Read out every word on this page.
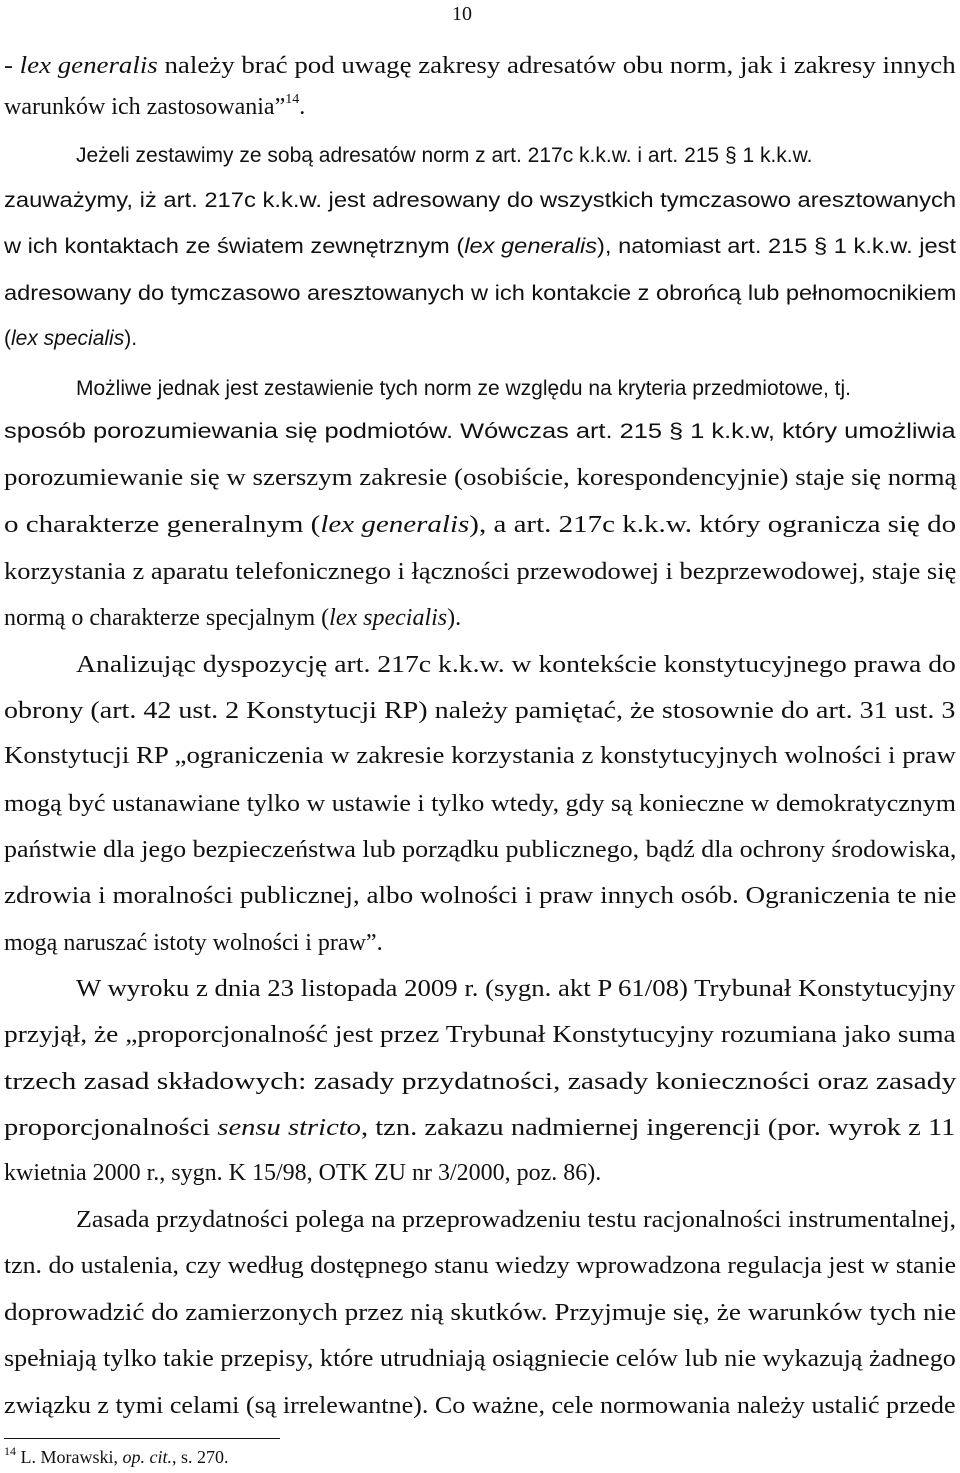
10
- lex generalis należy brać pod uwagę zakresy adresatów obu norm, jak i zakresy innych
warunków ich zastosowania”$^{14}$.
Jeżeli zestawimy ze sobą adresatów norm z art. 217c k.k.w. i art. 215 § 1 k.k.w.
zauważymy, iż art. 217c k.k.w. jest adresowany do wszystkich tymczasowo aresztowanych
w ich kontaktach ze światem zewnętrznym (lex generalis), natomiast art. 215 § 1 k.k.w. jest
adresowany do tymczasowo aresztowanych w ich kontakcie z obrońcą lub pełnomocnikiem
(lex specialis).
Możliwe jednak jest zestawienie tych norm ze względu na kryteria przedmiotowe, tj.
sposób porozumiewania się podmiotów. Wówczas art. 215 § 1 k.k.w, który umożliwia
porozumiewanie się w szerszym zakresie (osobiście, korespondencyjnie) staje się normą
o charakterze generalnym (lex generalis), a art. 217c k.k.w. który ogranicza się do
korzystania z aparatu telefonicznego i łączności przewodowej i bezprzewodowej, staje się
normą o charakterze specjalnym (lex specialis).
Analizując dyspozycję art. 217c k.k.w. w kontekście konstytucyjnego prawa do
obrony (art. 42 ust. 2 Konstytucji RP) należy pamiętać, że stosownie do art. 31 ust. 3
Konstytucji RP „ograniczenia w zakresie korzystania z konstytucyjnych wolności i praw
mogą być ustanawiane tylko w ustawie i tylko wtedy, gdy są konieczne w demokratycznym
państwie dla jego bezpieczeństwa lub porządku publicznego, bądź dla ochrony środowiska,
zdrowia i moralności publicznej, albo wolności i praw innych osób. Ograniczenia te nie
mogą naruszać istoty wolności i praw”.
W wyroku z dnia 23 listopada 2009 r. (sygn. akt P 61/08) Trybunał Konstytucyjny
przyjął, że „proporcjonalność jest przez Trybunał Konstytucyjny rozumiana jako suma
trzech zasad składowych: zasady przydatności, zasady konieczności oraz zasady
proporcjonalności sensu stricto, tzn. zakazu nadmiernej ingerencji (por. wyrok z 11
kwietnia 2000 r., sygn. K 15/98, OTK ZU nr 3/2000, poz. 86).
Zasada przydatności polega na przeprowadzeniu testu racjonalności instrumentalnej,
tzn. do ustalenia, czy według dostępnego stanu wiedzy wprowadzona regulacja jest w stanie
doprowadzić do zamierzonych przez nią skutków. Przyjmuje się, że warunków tych nie
spełniają tylko takie przepisy, które utrudniają osiągniecie celów lub nie wykazują żadnego
związku z tymi celami (są irrelewantne). Co ważne, cele normowania należy ustalić przede
$^{14}$ L. Morawski, op. cit., s. 270.
